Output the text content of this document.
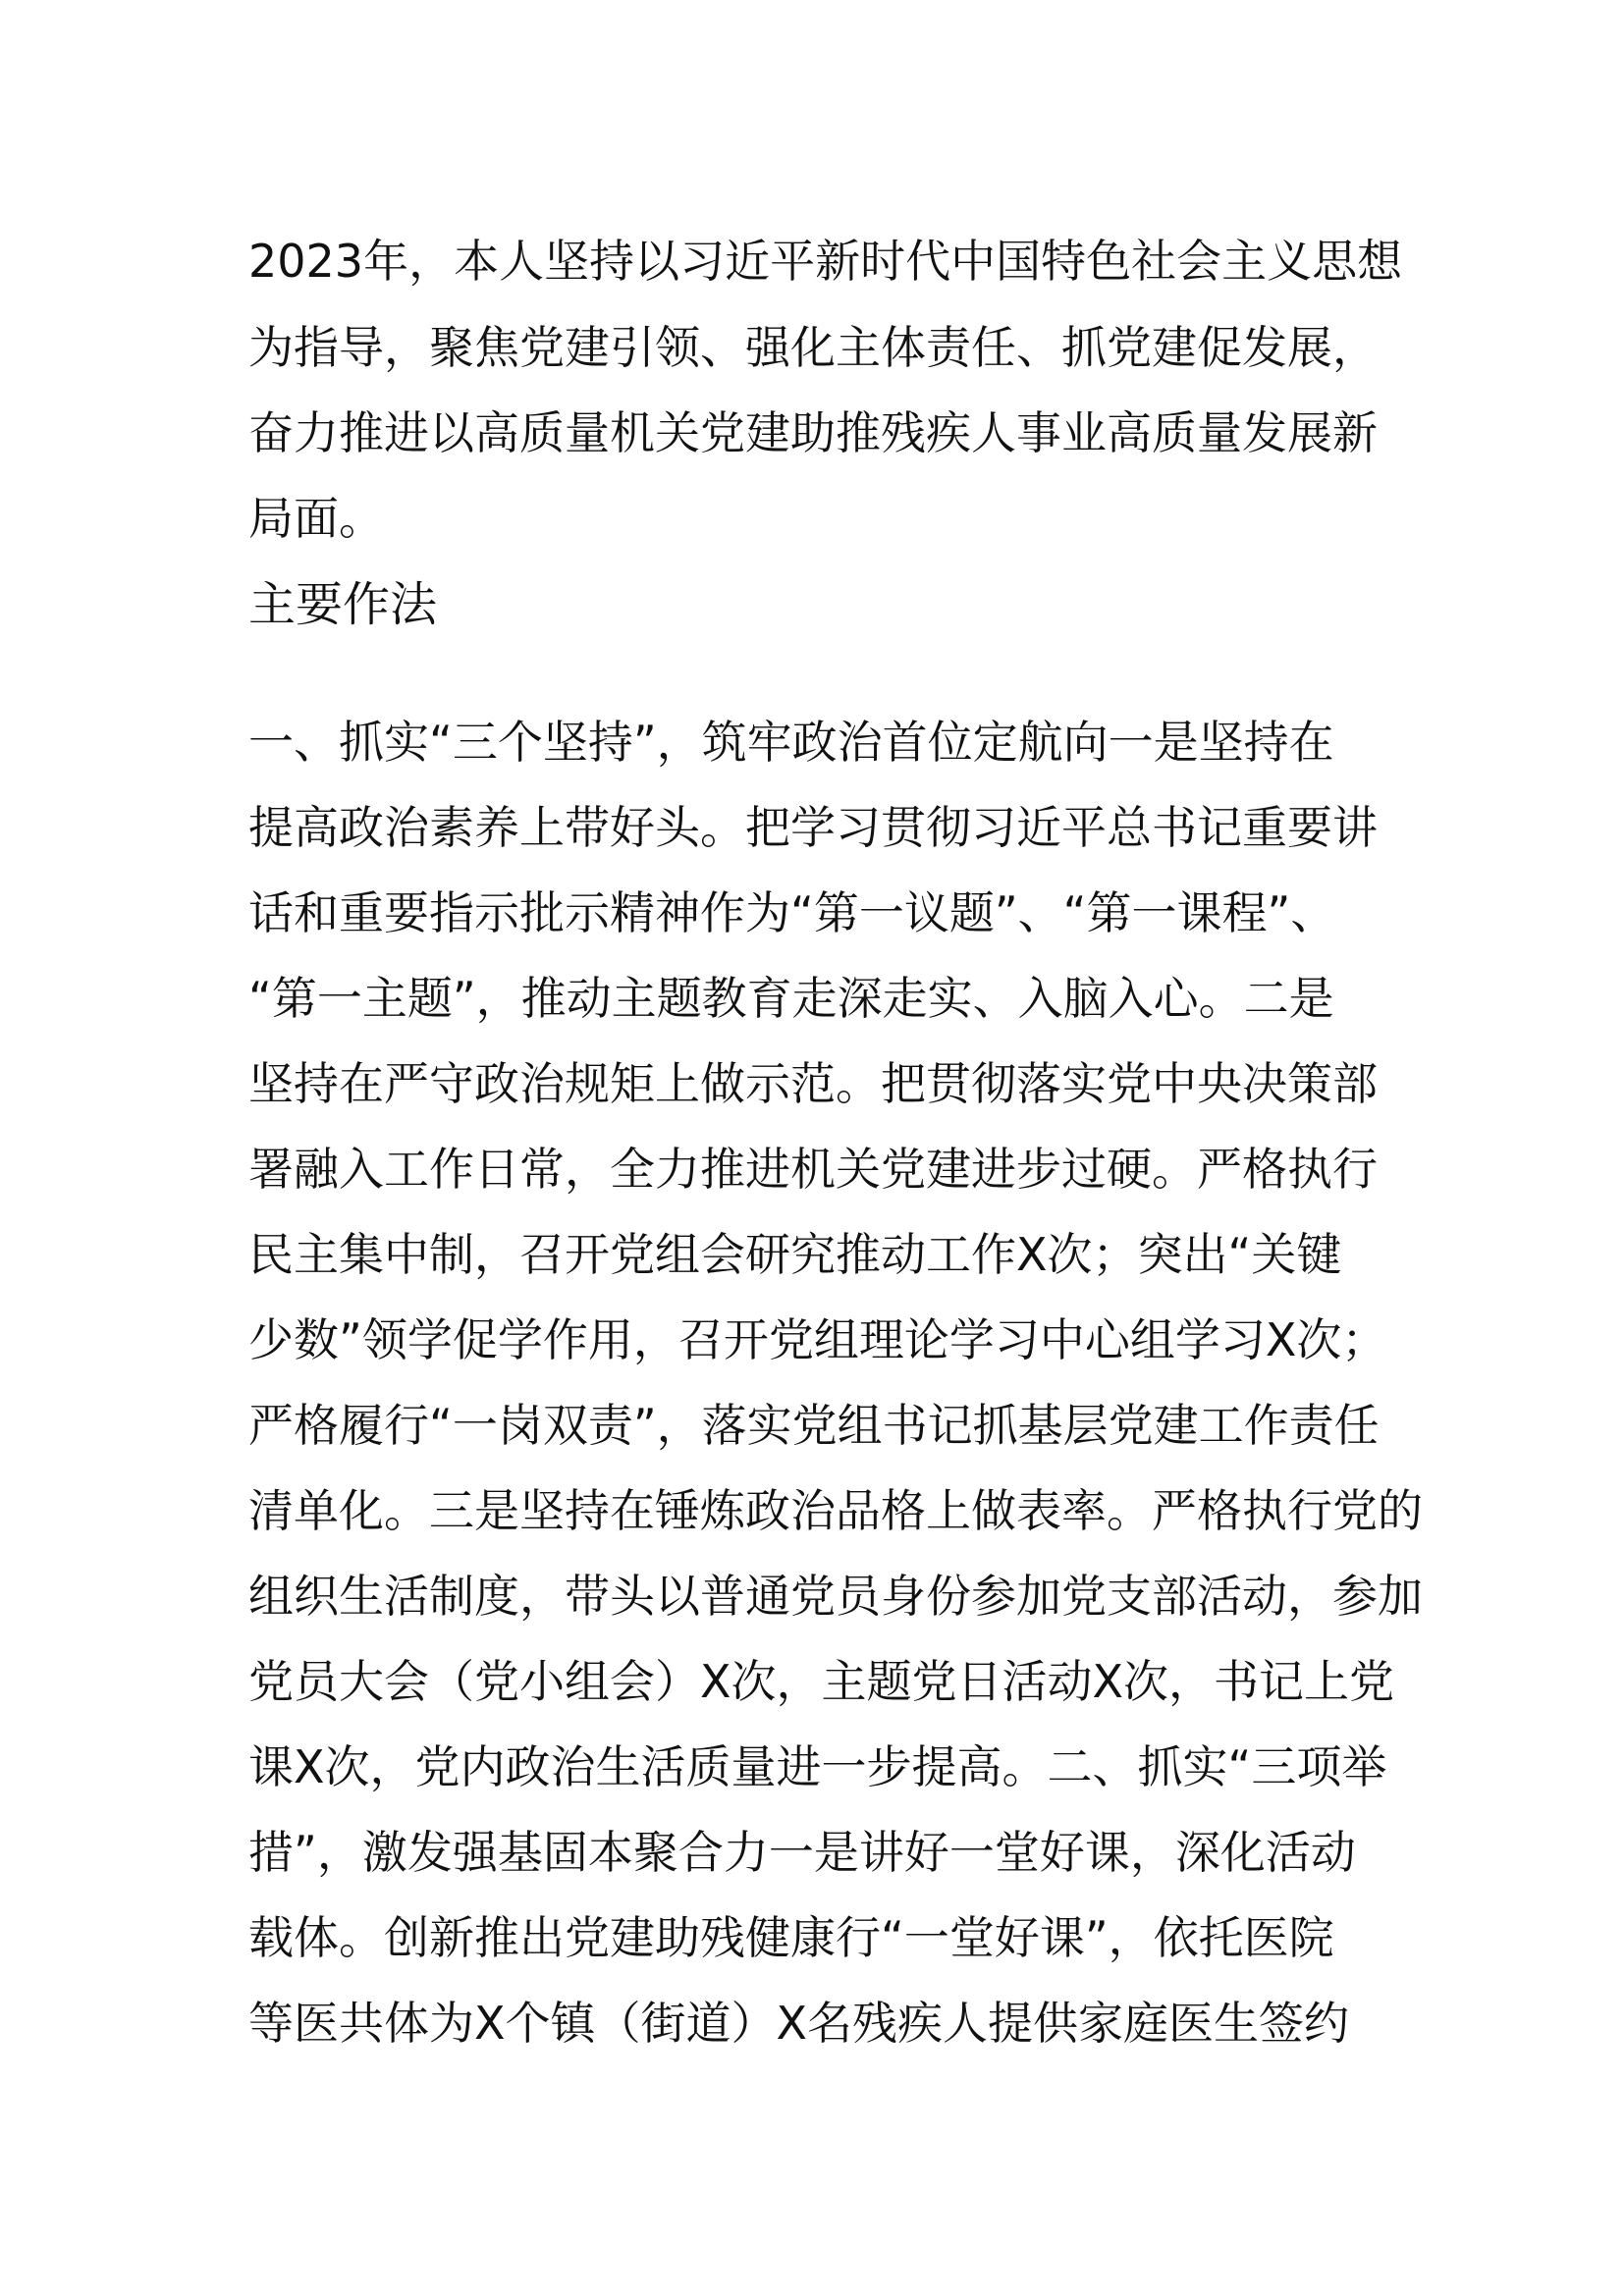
2023年，本人坚持以习近平新时代中国特色社会主义思想
为指导，聚焦党建引领、强化主体责任、抓党建促发展，
奋力推进以高质量机关党建助推残疾人事业高质量发展新
局面。
主要作法
一、抓实“三个坚持”，筑牢政治首位定航向一是坚持在
提高政治素养上带好头。把学习贯彻习近平总书记重要讲
话和重要指示批示精神作为“第一议题”、“第一课程”、
“第一主题”，推动主题教育走深走实、入脑入心。二是
坚持在严守政治规矩上做示范。把贯彻落实党中央决策部
署融入工作日常，全力推进机关党建进步过硬。严格执行
民主集中制，召开党组会研究推动工作X次；突出“关键
少数”领学促学作用，召开党组理论学习中心组学习X次；
严格履行“一岗双责”，落实党组书记抓基层党建工作责任
清单化。三是坚持在锤炼政治品格上做表率。严格执行党的
组织生活制度，带头以普通党员身份参加党支部活动，参加
党员大会（党小组会）X次，主题党日活动X次，书记上党
课X次，党内政治生活质量进一步提高。二、抓实“三项举
措”，激发强基固本聚合力一是讲好一堂好课，深化活动
载体。创新推出党建助残健康行“一堂好课”，依托医院
等医共体为X个镇（街道）X名残疾人提供家庭医生签约
